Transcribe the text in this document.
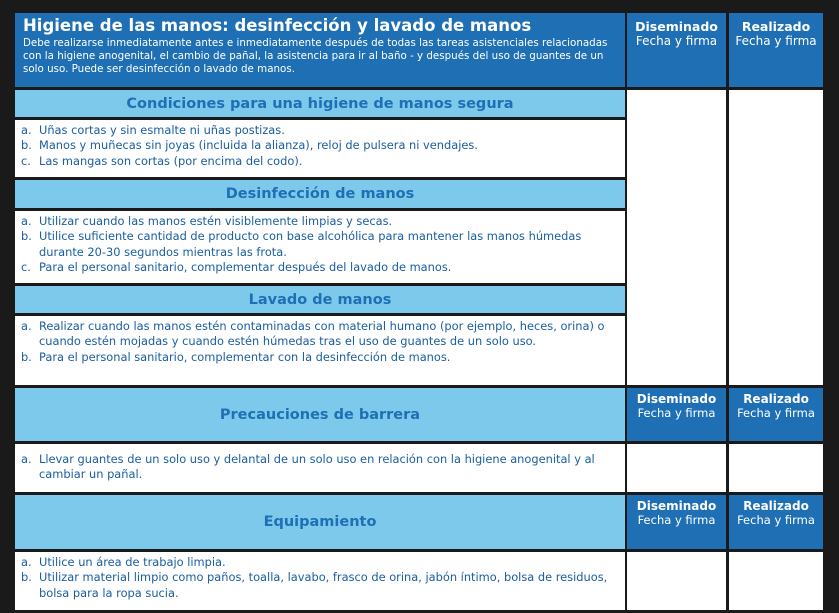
Higiene de las manos: desinfección y lavado de manos
Debe realizarse inmediatamente antes e inmediatamente después de todas las tareas asistenciales relacionadas con la higiene anogenital, el cambio de pañal, la asistencia para ir al baño - y después del uso de guantes de un solo uso. Puede ser desinfección o lavado de manos.
Diseminado
Fecha y firma
Realizado
Fecha y firma
Condiciones para una higiene de manos segura
a. Uñas cortas y sin esmalte ni uñas postizas.
b. Manos y muñecas sin joyas (incluida la alianza), reloj de pulsera ni vendajes.
c. Las mangas son cortas (por encima del codo).
Desinfección de manos
a. Utilizar cuando las manos estén visiblemente limpias y secas.
b. Utilice suficiente cantidad de producto con base alcohólica para mantener las manos húmedas durante 20-30 segundos mientras las frota.
c. Para el personal sanitario, complementar después del lavado de manos.
Lavado de manos
a. Realizar cuando las manos estén contaminadas con material humano (por ejemplo, heces, orina) o cuando estén mojadas y cuando estén húmedas tras el uso de guantes de un solo uso.
b. Para el personal sanitario, complementar con la desinfección de manos.
Precauciones de barrera
Diseminado
Fecha y firma
Realizado
Fecha y firma
a. Llevar guantes de un solo uso y delantal de un solo uso en relación con la higiene anogenital y al cambiar un pañal.
Equipamiento
Diseminado
Fecha y firma
Realizado
Fecha y firma
a. Utilice un área de trabajo limpia.
b. Utilizar material limpio como paños, toalla, lavabo, frasco de orina, jabón íntimo, bolsa de residuos, bolsa para la ropa sucia.
